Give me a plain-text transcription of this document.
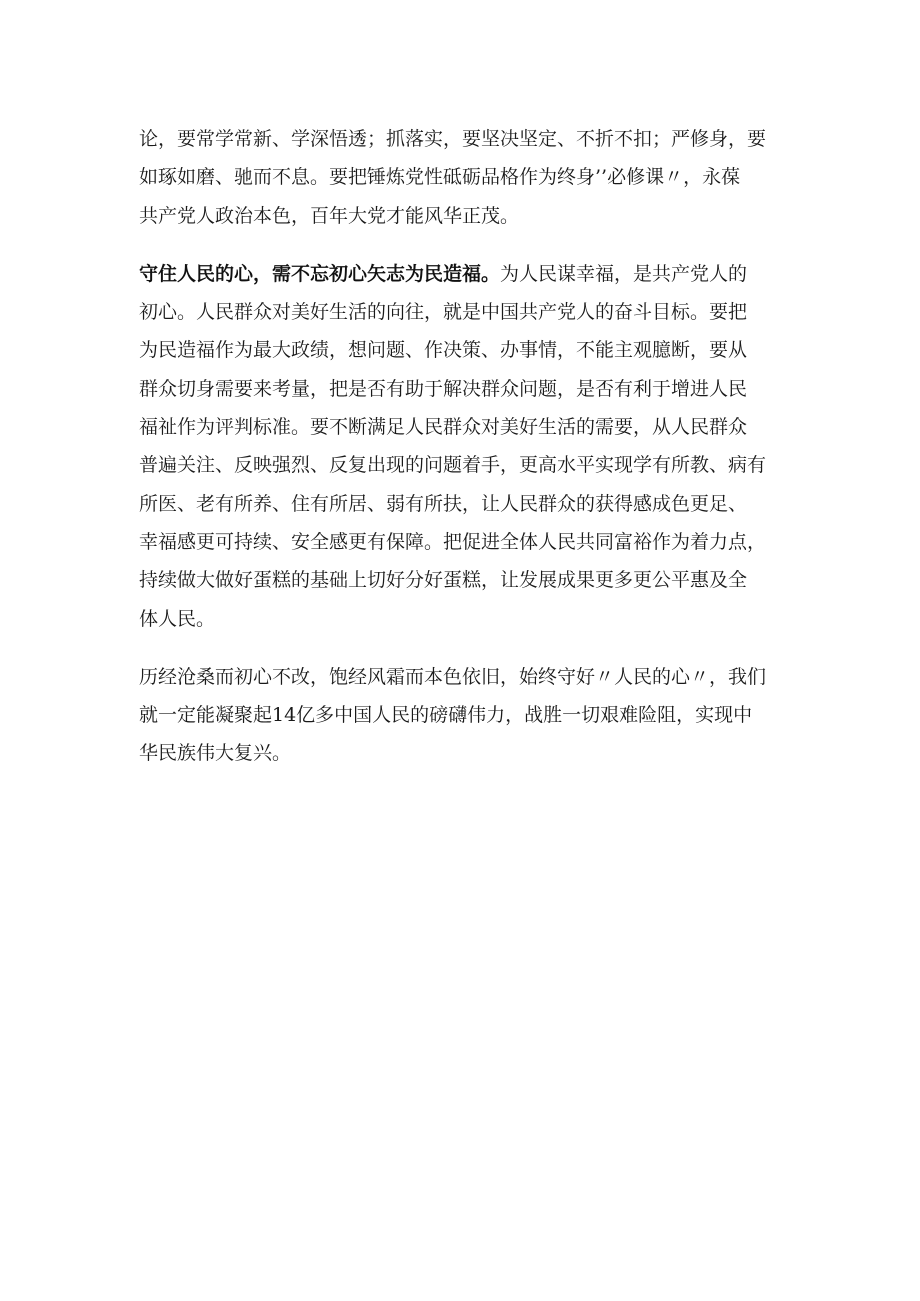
论，要常学常新、学深悟透；抓落实，要坚决坚定、不折不扣；严修身，要
如琢如磨、驰而不息。要把锤炼党性砥砺品格作为终身’’必修课〃，永葆
共产党人政治本色，百年大党才能风华正茂。

守住人民的心，需不忘初心矢志为民造福。为人民谋幸福，是共产党人的
初心。人民群众对美好生活的向往，就是中国共产党人的奋斗目标。要把
为民造福作为最大政绩，想问题、作决策、办事情，不能主观臆断，要从
群众切身需要来考量，把是否有助于解决群众问题，是否有利于增进人民
福祉作为评判标准。要不断满足人民群众对美好生活的需要，从人民群众
普遍关注、反映强烈、反复出现的问题着手，更高水平实现学有所教、病有
所医、老有所养、住有所居、弱有所扶，让人民群众的获得感成色更足、
幸福感更可持续、安全感更有保障。把促进全体人民共同富裕作为着力点，
持续做大做好蛋糕的基础上切好分好蛋糕，让发展成果更多更公平惠及全
体人民。

历经沧桑而初心不改，饱经风霜而本色依旧，始终守好〃人民的心〃，我们
就一定能凝聚起14亿多中国人民的磅礴伟力，战胜一切艰难险阻，实现中
华民族伟大复兴。
